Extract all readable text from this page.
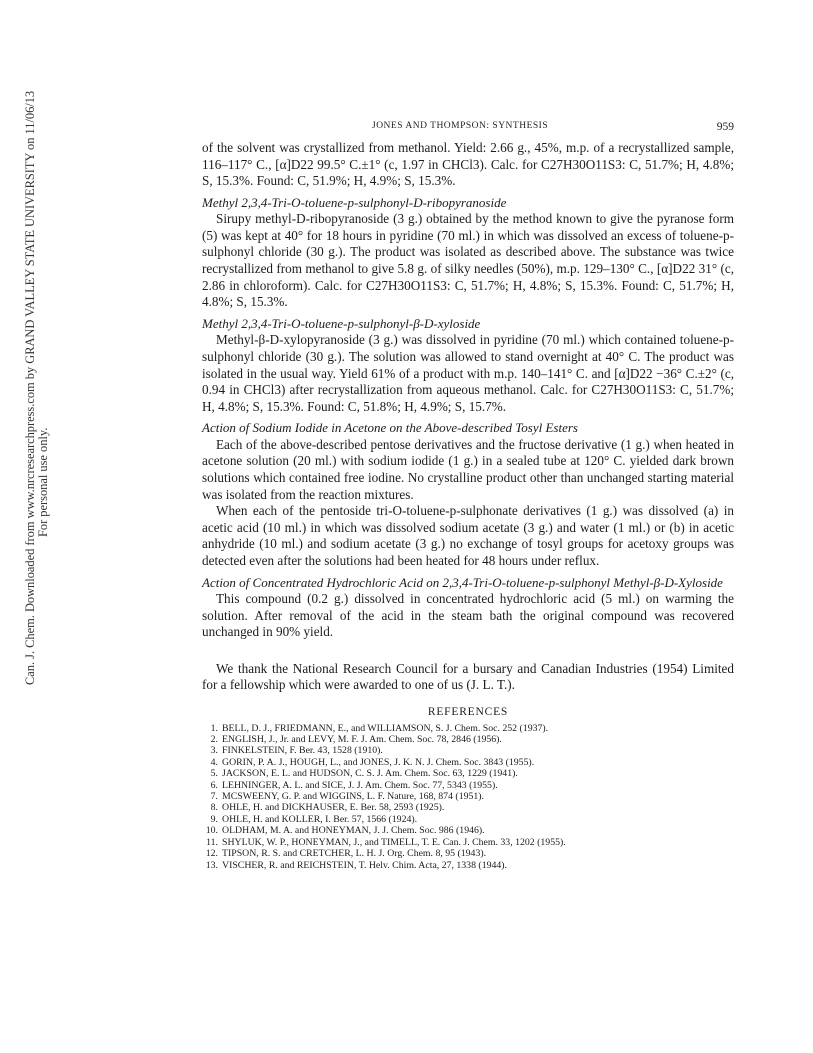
Can. J. Chem. Downloaded from www.nrcresearchpress.com by GRAND VALLEY STATE UNIVERSITY on 11/06/13 For personal use only.
JONES AND THOMPSON: SYNTHESIS	959

of the solvent was crystallized from methanol. Yield: 2.66 g., 45%, m.p. of a recrystallized sample, 116–117° C., [α]D22 99.5° C.±1° (c, 1.97 in CHCl3). Calc. for C27H30O11S3: C, 51.7%; H, 4.8%; S, 15.3%. Found: C, 51.9%; H, 4.9%; S, 15.3%.

Methyl 2,3,4-Tri-O-toluene-p-sulphonyl-D-ribopyranoside

Sirupy methyl-D-ribopyranoside (3 g.) obtained by the method known to give the pyranose form (5) was kept at 40° for 18 hours in pyridine (70 ml.) in which was dissolved an excess of toluene-p-sulphonyl chloride (30 g.). The product was isolated as described above. The substance was twice recrystallized from methanol to give 5.8 g. of silky needles (50%), m.p. 129–130° C., [α]D22 31° (c, 2.86 in chloroform). Calc. for C27H30O11S3: C, 51.7%; H, 4.8%; S, 15.3%. Found: C, 51.7%; H, 4.8%; S, 15.3%.

Methyl 2,3,4-Tri-O-toluene-p-sulphonyl-β-D-xyloside

Methyl-β-D-xylopyranoside (3 g.) was dissolved in pyridine (70 ml.) which contained toluene-p-sulphonyl chloride (30 g.). The solution was allowed to stand overnight at 40° C. The product was isolated in the usual way. Yield 61% of a product with m.p. 140–141° C. and [α]D22 −36° C.±2° (c, 0.94 in CHCl3) after recrystallization from aqueous methanol. Calc. for C27H30O11S3: C, 51.7%; H, 4.8%; S, 15.3%. Found: C, 51.8%; H, 4.9%; S, 15.7%.

Action of Sodium Iodide in Acetone on the Above-described Tosyl Esters

Each of the above-described pentose derivatives and the fructose derivative (1 g.) when heated in acetone solution (20 ml.) with sodium iodide (1 g.) in a sealed tube at 120° C. yielded dark brown solutions which contained free iodine. No crystalline product other than unchanged starting material was isolated from the reaction mixtures.

When each of the pentoside tri-O-toluene-p-sulphonate derivatives (1 g.) was dissolved (a) in acetic acid (10 ml.) in which was dissolved sodium acetate (3 g.) and water (1 ml.) or (b) in acetic anhydride (10 ml.) and sodium acetate (3 g.) no exchange of tosyl groups for acetoxy groups was detected even after the solutions had been heated for 48 hours under reflux.

Action of Concentrated Hydrochloric Acid on 2,3,4-Tri-O-toluene-p-sulphonyl Methyl-β-D-Xyloside

This compound (0.2 g.) dissolved in concentrated hydrochloric acid (5 ml.) on warming the solution. After removal of the acid in the steam bath the original compound was recovered unchanged in 90% yield.

We thank the National Research Council for a bursary and Canadian Industries (1954) Limited for a fellowship which were awarded to one of us (J. L. T.).

REFERENCES
1. BELL, D. J., FRIEDMANN, E., and WILLIAMSON, S. J. Chem. Soc. 252 (1937).
2. ENGLISH, J., Jr. and LEVY, M. F. J. Am. Chem. Soc. 78, 2846 (1956).
3. FINKELSTEIN, F. Ber. 43, 1528 (1910).
4. GORIN, P. A. J., HOUGH, L., and JONES, J. K. N. J. Chem. Soc. 3843 (1955).
5. JACKSON, E. L. and HUDSON, C. S. J. Am. Chem. Soc. 63, 1229 (1941).
6. LEHNINGER, A. L. and SICE, J. J. Am. Chem. Soc. 77, 5343 (1955).
7. MCSWEENY, G. P. and WIGGINS, L. F. Nature, 168, 874 (1951).
8. OHLE, H. and DICKHAUSER, E. Ber. 58, 2593 (1925).
9. OHLE, H. and KOLLER, I. Ber. 57, 1566 (1924).
10. OLDHAM, M. A. and HONEYMAN, J. J. Chem. Soc. 986 (1946).
11. SHYLUK, W. P., HONEYMAN, J., and TIMELL, T. E. Can. J. Chem. 33, 1202 (1955).
12. TIPSON, R. S. and CRETCHER, L. H. J. Org. Chem. 8, 95 (1943).
13. VISCHER, R. and REICHSTEIN, T. Helv. Chim. Acta, 27, 1338 (1944).
